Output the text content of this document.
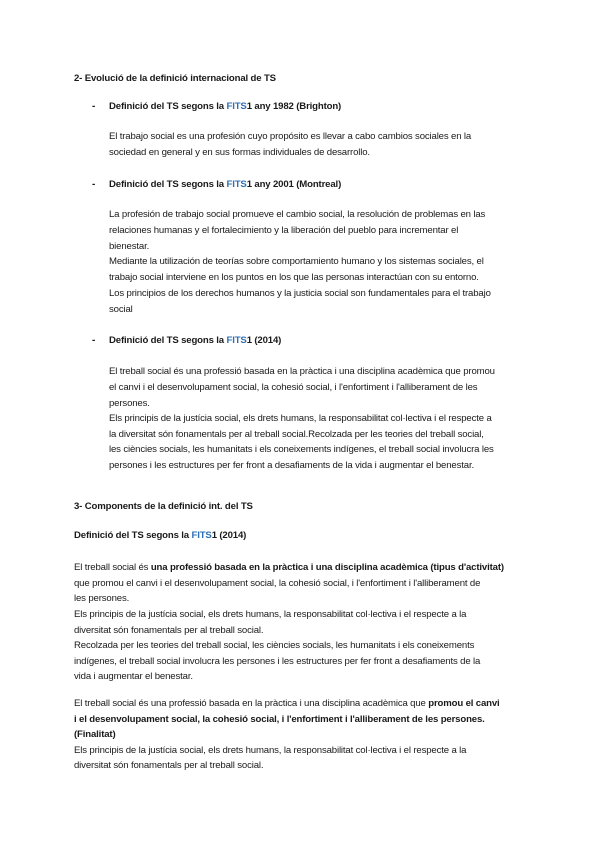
2- Evolució de la definició internacional de TS
- Definició del TS segons la FITS1 any 1982 (Brighton)
El trabajo social es una profesión cuyo propósito es llevar a cabo cambios sociales en la
sociedad en general y en sus formas individuales de desarrollo.
- Definició del TS segons la FITS1 any 2001 (Montreal)
La profesión de trabajo social promueve el cambio social, la resolución de problemas en las
relaciones humanas y el fortalecimiento y la liberación del pueblo para incrementar el
bienestar.
Mediante la utilización de teorías sobre comportamiento humano y los sistemas sociales, el
trabajo social interviene en los puntos en los que las personas interactúan con su entorno.
Los principios de los derechos humanos y la justicia social son fundamentales para el trabajo
social
- Definició del TS segons la FITS1 (2014)
El treball social és una professió basada en la pràctica i una disciplina acadèmica que promou
el canvi i el desenvolupament social, la cohesió social, i l'enfortiment i l'alliberament de les
persones.
Els principis de la justícia social, els drets humans, la responsabilitat col·lectiva i el respecte a
la diversitat són fonamentals per al treball social.Recolzada per les teories del treball social,
les ciències socials, les humanitats i els coneixements indígenes, el treball social involucra les
persones i les estructures per fer front a desafiaments de la vida i augmentar el benestar.
3- Components de la definició int. del TS
Definició del TS segons la FITS1 (2014)
El treball social és una professió basada en la pràctica i una disciplina acadèmica (tipus d'activitat)
que promou el canvi i el desenvolupament social, la cohesió social, i l'enfortiment i l'alliberament de
les persones.
Els principis de la justícia social, els drets humans, la responsabilitat col·lectiva i el respecte a la
diversitat són fonamentals per al treball social.
Recolzada per les teories del treball social, les ciències socials, les humanitats i els coneixements
indígenes, el treball social involucra les persones i les estructures per fer front a desafiaments de la
vida i augmentar el benestar.
El treball social és una professió basada en la pràctica i una disciplina acadèmica que promou el canvi
i el desenvolupament social, la cohesió social, i l'enfortiment i l'alliberament de les persones.
(Finalitat)
Els principis de la justícia social, els drets humans, la responsabilitat col·lectiva i el respecte a la
diversitat són fonamentals per al treball social.
